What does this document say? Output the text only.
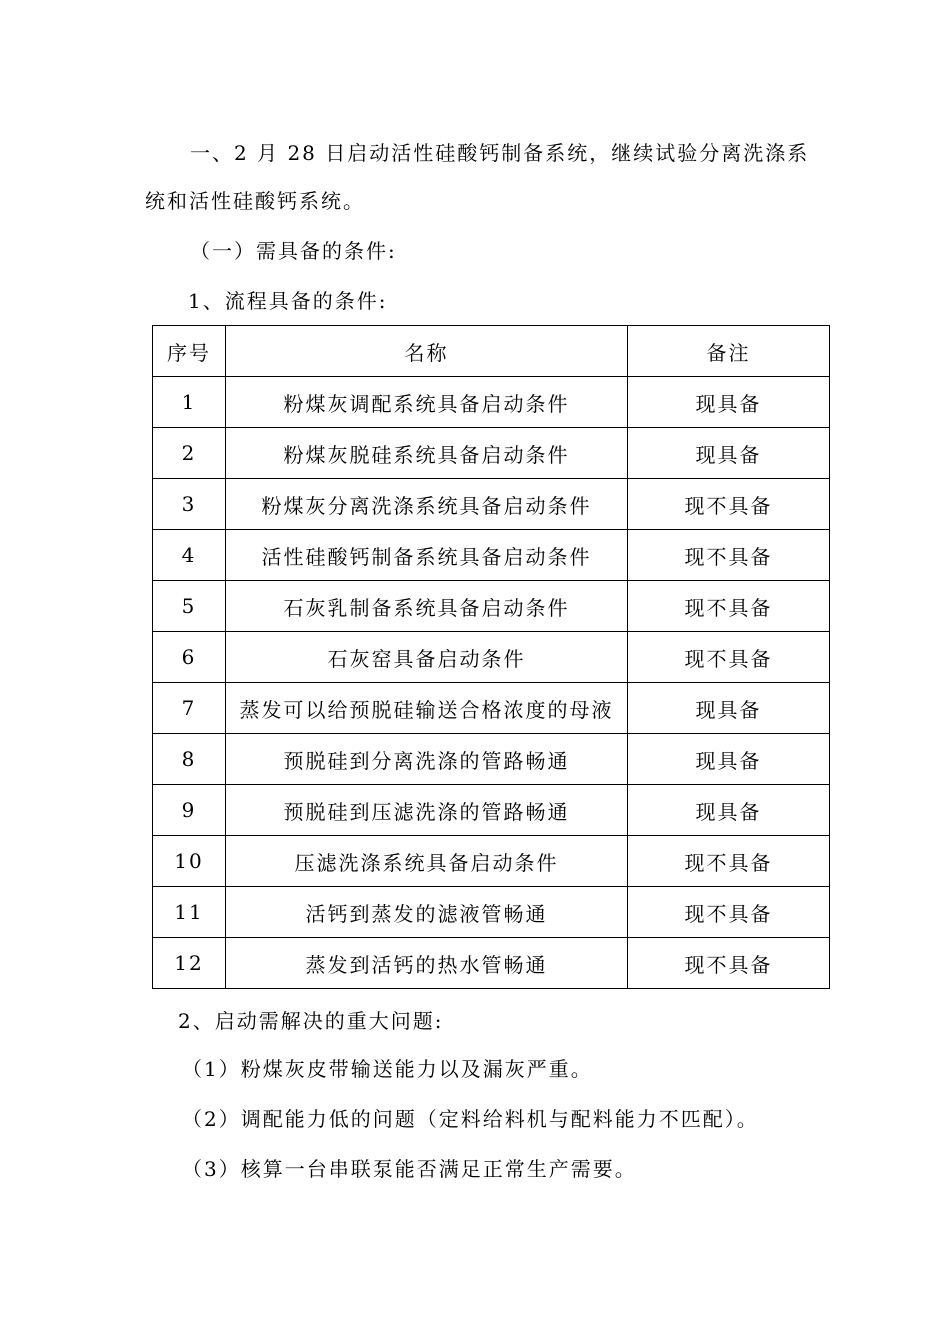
一、2 月 28 日启动活性硅酸钙制备系统，继续试验分离洗涤系
统和活性硅酸钙系统。
（一）需具备的条件:
1、流程具备的条件:
序号	名称	备注
1	粉煤灰调配系统具备启动条件	现具备
2	粉煤灰脱硅系统具备启动条件	现具备
3	粉煤灰分离洗涤系统具备启动条件	现不具备
4	活性硅酸钙制备系统具备启动条件	现不具备
5	石灰乳制备系统具备启动条件	现不具备
6	石灰窑具备启动条件	现不具备
7	蒸发可以给预脱硅输送合格浓度的母液	现具备
8	预脱硅到分离洗涤的管路畅通	现具备
9	预脱硅到压滤洗涤的管路畅通	现具备
10	压滤洗涤系统具备启动条件	现不具备
11	活钙到蒸发的滤液管畅通	现不具备
12	蒸发到活钙的热水管畅通	现不具备
2、启动需解决的重大问题:
（1）粉煤灰皮带输送能力以及漏灰严重。
（2）调配能力低的问题（定料给料机与配料能力不匹配）。
（3）核算一台串联泵能否满足正常生产需要。
